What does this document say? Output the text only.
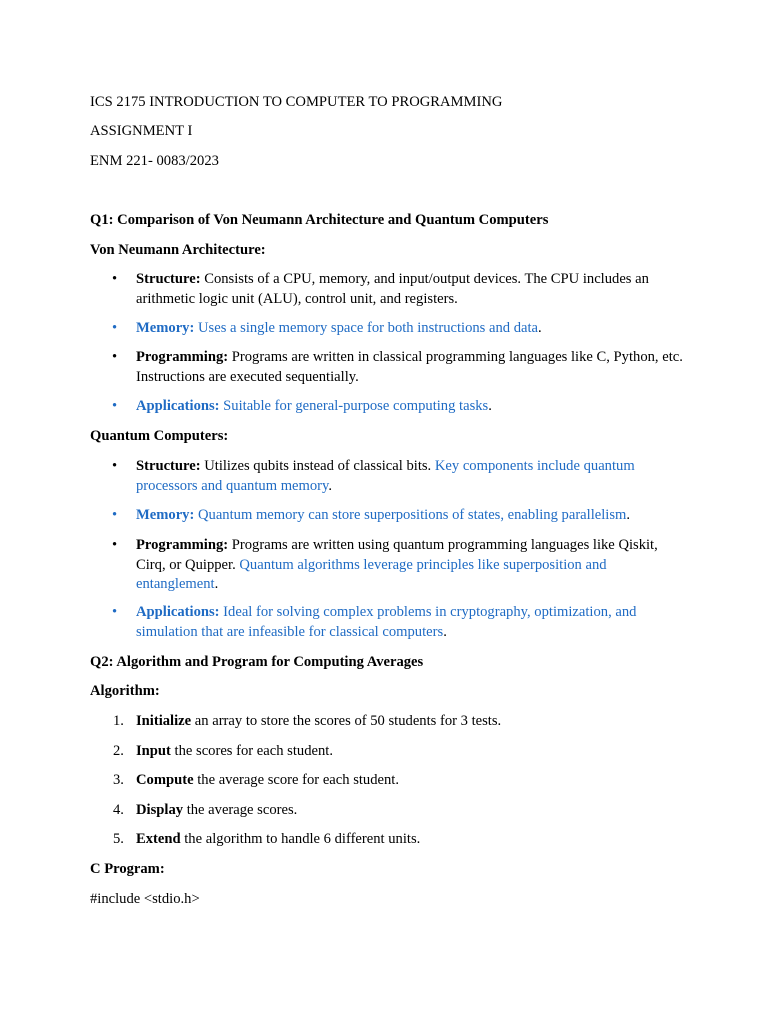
ICS 2175 INTRODUCTION TO COMPUTER TO PROGRAMMING

ASSIGNMENT I

ENM 221- 0083/2023

Q1: Comparison of Von Neumann Architecture and Quantum Computers

Von Neumann Architecture:

• Structure: Consists of a CPU, memory, and input/output devices. The CPU includes an arithmetic logic unit (ALU), control unit, and registers.
• Memory: Uses a single memory space for both instructions and data.
• Programming: Programs are written in classical programming languages like C, Python, etc. Instructions are executed sequentially.
• Applications: Suitable for general-purpose computing tasks.

Quantum Computers:

• Structure: Utilizes qubits instead of classical bits. Key components include quantum processors and quantum memory.
• Memory: Quantum memory can store superpositions of states, enabling parallelism.
• Programming: Programs are written using quantum programming languages like Qiskit, Cirq, or Quipper. Quantum algorithms leverage principles like superposition and entanglement.
• Applications: Ideal for solving complex problems in cryptography, optimization, and simulation that are infeasible for classical computers.

Q2: Algorithm and Program for Computing Averages

Algorithm:

1. Initialize an array to store the scores of 50 students for 3 tests.
2. Input the scores for each student.
3. Compute the average score for each student.
4. Display the average scores.
5. Extend the algorithm to handle 6 different units.

C Program:

#include <stdio.h>
